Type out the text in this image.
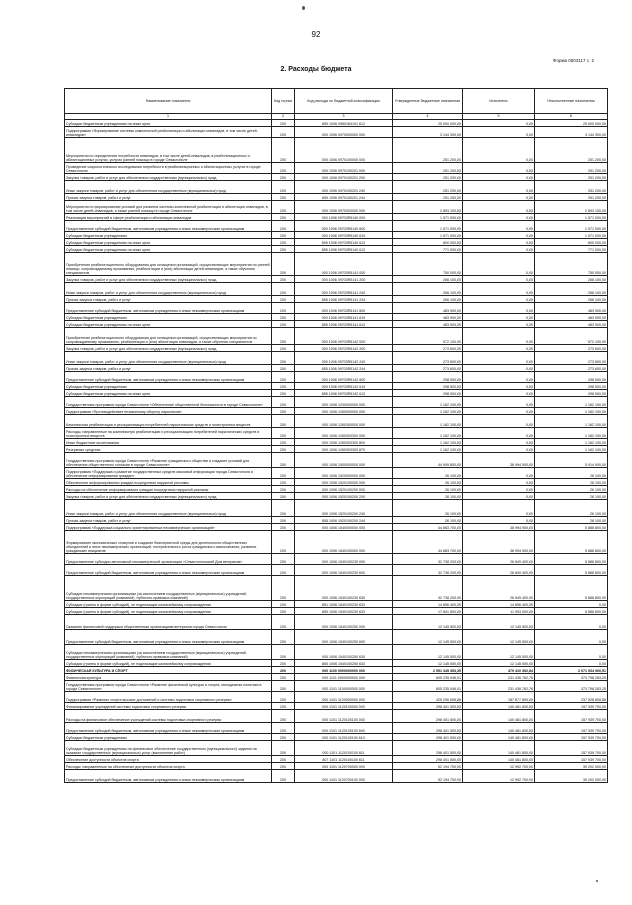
92
Форма 0503117 с. 2
2. Расходы бюджета
Наименование показателя	Код строки	Код расхода по бюджетной классификации	Утвержденные бюджетные назначения	Исполнено	Неисполненные назначения
1	2	3	4	5	6
Субсидии бюджетным учреждениям на иные цели	200	855 1006 0980184101 612	25 000 000,00	0,00	25 000 000,00
Подпрограмма «Формирование системы комплексной реабилитации и абилитации инвалидов, в том числе детей-инвалидов»	200	000 1006 0970000000 000	3 144 300,00	0,00	3 144 300,00
Мероприятия по определению потребности инвалидов, в том числе детей-инвалидов, в реабилитационных и абилитационных услугах, услугах ранней помощи в городе Севастополе	200	000 1006 0970100000 000	251 200,00	0,00	251 200,00
Проведение социологического исследования потребности в реабилитационных и абилитационных услугах в городе Севастополе	200	000 1006 0970100201 000	251 200,00	0,00	251 200,00
Закупка товаров, работ и услуг для обеспечения государственных (муниципальных) нужд	200	000 1006 0970100201 200	251 200,00	0,00	251 200,00
Иные закупки товаров, работ и услуг для обеспечения государственных (муниципальных) нужд	200	000 1006 0970100201 240	251 200,00	0,00	251 200,00
Прочая закупка товаров, работ и услуг	200	855 1006 0970100201 244	251 200,00	0,00	251 200,00
Мероприятия по формированию условий для развития системы комплексной реабилитации и абилитации инвалидов, в том числе детей-инвалидов, а также ранней помощи в городе Севастополе	200	000 1006 0970300000 000	2 893 100,00	0,00	2 893 100,00
Реализация мероприятий в сфере реабилитации и абилитации инвалидов	200	000 1006 09703R5140 000	1 571 000,00	0,00	1 571 000,00
Предоставление субсидий бюджетным, автономным учреждениям и иным некоммерческим организациям	200	000 1006 09703R5140 600	1 571 000,00	0,00	1 571 000,00
Субсидии бюджетным учреждениям	200	000 1006 09703R5140 610	1 571 000,00	0,00	1 571 000,00
Субсидии бюджетным учреждениям на иные цели	200	806 1006 09703R5140 612	800 000,00	0,00	800 000,00
Субсидии бюджетным учреждениям на иные цели	200	855 1006 09703R5140 612	771 000,00	0,00	771 000,00
Приобретение реабилитационного оборудования для оснащения организаций, осуществляющих мероприятия по ранней помощи, сопровождаемому проживанию, реабилитации и (или) абилитации детей-инвалидов, а также обучению специалистов	200	000 1006 09703R5141 000	750 000,00	0,00	750 000,00
Закупка товаров, работ и услуг для обеспечения государственных (муниципальных) нужд	200	000 1006 09703R5141 200	266 100,00	0,00	266 100,00
Иные закупки товаров, работ и услуг для обеспечения государственных (муниципальных) нужд	200	000 1006 09703R5141 240	266 100,00	0,00	266 100,00
Прочая закупка товаров, работ и услуг	200	855 1006 09703R5141 244	266 100,00	0,00	266 100,00
Предоставление субсидий бюджетным, автономным учреждениям и иным некоммерческим организациям	200	000 1006 09703R5141 600	483 900,00	0,00	483 900,00
Субсидии бюджетным учреждениям	200	000 1006 09703R5141 610	483 900,00	0,00	483 900,00
Субсидии бюджетным учреждениям на иные цели	200	855 1006 09703R5141 612	483 900,00	0,00	483 900,00
Приобретение реабилитационного оборудования для оснащения организаций, осуществляющих мероприятия по сопровождаемому проживанию, реабилитации и (или) абилитации инвалидов, а также обучения специалистов	200	000 1006 09703R5142 000	572 100,00	0,00	572 100,00
Закупка товаров, работ и услуг для обеспечения государственных (муниципальных) нужд	200	000 1006 09703R5142 200	273 600,00	0,00	273 600,00
Иные закупки товаров, работ и услуг для обеспечения государственных (муниципальных) нужд	200	000 1006 09703R5142 240	273 600,00	0,00	273 600,00
Прочая закупка товаров, работ и услуг	200	855 1006 09703R5142 244	273 600,00	0,00	273 600,00
Предоставление субсидий бюджетным, автономным учреждениям и иным некоммерческим организациям	200	000 1006 09703R5142 600	298 500,00	0,00	298 500,00
Субсидии бюджетным учреждениям	200	000 1006 09703R5142 610	298 500,00	0,00	298 500,00
Субсидии бюджетным учреждениям на иные цели	200	855 1006 09703R5142 612	298 500,00	0,00	298 500,00
Государственная программа города Севастополя «Обеспечение общественной безопасности в городе Севастополе»	200	000 1006 1200000000 000	1 162 100,00	0,00	1 162 100,00
Подпрограмма «Противодействие незаконному обороту наркотиков»	200	000 1006 1260000000 000	1 162 100,00	0,00	1 162 100,00
Комплексная реабилитация и ресоциализация потребителей наркотических средств и психотропных веществ	200	000 1006 1260300000 000	1 162 100,00	0,00	1 162 100,00
Расходы, направленные на комплексную реабилитацию и ресоциализацию потребителей наркотических средств и психотропных веществ	200	000 1006 1260300300 000	1 162 100,00	0,00	1 162 100,00
Иные бюджетные ассигнования	200	000 1006 1260300300 800	1 162 100,00	0,00	1 162 100,00
Резервные средства	200	000 1006 1260300300 870	1 162 100,00	0,00	1 162 100,00
Государственная программа города Севастополя «Развитие гражданского общества и создание условий для обеспечения общественного согласия в городе Севастополе»	200	000 1006 1500000000 000	44 909 800,00	38 994 900,00	5 914 900,00
Подпрограмма «Поддержка и развитие государственных средств массовой информации города Севастополя и обеспечение информирования граждан»	200	000 1006 1520000000 000	26 100,00	0,00	26 100,00
Обеспечение информирования граждан посредством наружной рекламы	200	000 1006 1520100000 000	26 100,00	0,00	26 100,00
Расходы на обеспечение информирования граждан посредством наружной рекламы	200	000 1006 1520100200 000	26 100,00	0,00	26 100,00
Закупка товаров, работ и услуг для обеспечения государственных (муниципальных) нужд	200	000 1006 1520100200 200	26 100,00	0,00	26 100,00
Иные закупки товаров, работ и услуг для обеспечения государственных (муниципальных) нужд	200	000 1006 1520100200 240	26 100,00	0,00	26 100,00
Прочая закупка товаров, работ и услуг	200	855 1006 1520100200 244	26 100,00	0,00	26 100,00
Подпрограмма «Поддержка социально ориентированных некоммерческих организаций»	200	000 1006 1540000000 000	44 883 700,00	38 994 900,00	5 888 800,00
Формирование экономических стимулов и создание благоприятной среды для деятельности общественных объединений и иных некоммерческих организаций, поступательного роста гражданского самосознания, развития гражданских инициатив	200	000 1006 1540100000 000	44 883 700,00	38 994 900,00	5 888 800,00
Предоставление субсидии автономной некоммерческой организации «Севастопольский Дом ветеранов»	200	000 1006 1540100230 000	32 738 200,00	26 849 400,00	5 888 800,00
Предоставление субсидий бюджетным, автономным учреждениям и иным некоммерческим организациям	200	000 1006 1540100230 600	32 738 200,00	26 849 400,00	5 888 800,00
Субсидии некоммерческим организациям (за исключением государственных (муниципальных) учреждений, государственных корпораций (компаний), публично-правовых компаний)	200	000 1006 1540100230 630	32 738 200,00	26 849 400,00	5 888 800,00
Субсидии (гранты в форме субсидий), не подлежащие казначейскому сопровождению	200	851 1006 1540100230 633	14 896 400,00	14 896 400,00	0,00
Субсидии (гранты в форме субсидий), не подлежащие казначейскому сопровождению	200	855 1006 1540100230 633	17 841 800,00	11 953 000,00	5 888 800,00
Оказание финансовой поддержки общественным организациям ветеранов города Севастополя	200	000 1006 1540100250 000	12 145 500,00	12 145 500,00	0,00
Предоставление субсидий бюджетным, автономным учреждениям и иным некоммерческим организациям	200	000 1006 1540100250 600	12 145 500,00	12 145 500,00	0,00
Субсидии некоммерческим организациям (за исключением государственных (муниципальных) учреждений, государственных корпораций (компаний), публично-правовых компаний)	200	000 1006 1540100250 630	12 145 500,00	12 145 500,00	0,00
Субсидии (гранты в форме субсидий), не подлежащие казначейскому сопровождению	200	865 1006 1540100250 633	12 145 500,00	12 145 500,00	0,00
ФИЗИЧЕСКАЯ КУЛЬТУРА И СПОРТ	200	000 1100 0000000000 000	2 551 345 353,35	479 410 392,84	2 071 934 960,51
Физическая культура	200	000 1101 0000000000 000	605 235 046,01	231 436 762,76	373 798 283,25
Государственная программа города Севастополя «Развитие физической культуры и спорта, молодежная политика в городе Севастополе»	200	000 1101 1100000000 000	605 235 046,01	231 436 762,76	373 798 283,25
Подпрограмма «Развитие спорта высших достижений и системы подготовки спортивного резерва»	200	000 1101 1120000000 000	425 206 608,88	187 677 800,00	237 528 808,88
Финансирование учреждений системы подготовки спортивного резерва	200	000 1101 1120100000 000	298 401 500,00	140 461 800,00	157 939 700,00
Расходы на финансовое обеспечение учреждений системы подготовки спортивного резерва	200	000 1101 1120100100 000	298 401 500,00	140 461 800,00	157 939 700,00
Предоставление субсидий бюджетным, автономным учреждениям и иным некоммерческим организациям	200	000 1101 1120100100 600	298 401 500,00	140 461 800,00	157 939 700,00
Субсидии бюджетным учреждениям	200	000 1101 1120100100 610	298 401 500,00	140 461 800,00	157 939 700,00
Субсидии бюджетным учреждениям на финансовое обеспечение государственного (муниципального) задания на оказание государственных (муниципальных) услуг (выполнение работ)	200	000 1101 1120100100 611	298 401 500,00	140 461 800,00	157 939 700,00
Обеспечение доступности объектов спорта	200	807 1101 1120100100 611	298 401 500,00	140 461 800,00	157 939 700,00
Расходы, направленные на обеспечение доступности объектов спорта	200	000 1101 1120700000 000	52 194 700,00	12 992 700,00	39 202 000,00
Предоставление субсидий бюджетным, автономным учреждениям и иным некоммерческим организациям	200	000 1101 1120700100 000	52 194 700,00	12 992 700,00	39 202 000,00
